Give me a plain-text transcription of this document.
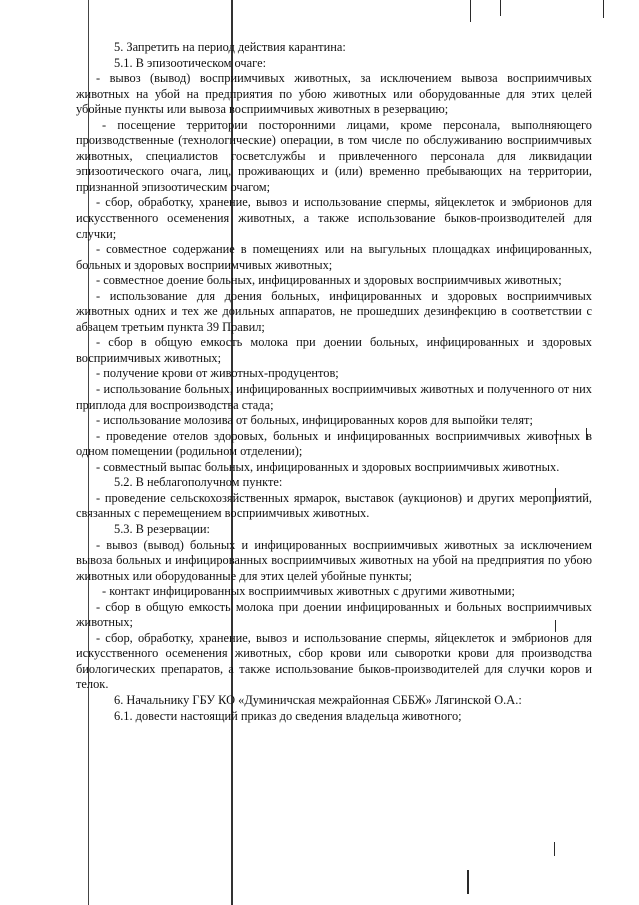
5. Запретить на период действия карантина:

5.1. В эпизоотическом очаге:

- вывоз (вывод) восприимчивых животных, за исключением вывоза восприимчивых животных на убой на предприятия по убою животных или оборудованные для этих целей убойные пункты или вывоза восприимчивых животных в резервацию;

- посещение территории посторонними лицами, кроме персонала, выполняющего производственные (технологические) операции, в том числе по обслуживанию восприимчивых животных, специалистов госветслужбы и привлеченного персонала для ликвидации эпизоотического очага, лиц, проживающих и (или) временно пребывающих на территории, признанной эпизоотическим очагом;

- сбор, обработку, хранение, вывоз и использование спермы, яйцеклеток и эмбрионов для искусственного осеменения животных, а также использование быков-производителей для случки;

- совместное содержание в помещениях или на выгульных площадках инфицированных, больных и здоровых восприимчивых животных;

- совместное доение больных, инфицированных и здоровых восприимчивых животных;

- использование для доения больных, инфицированных и здоровых восприимчивых животных одних и тех же доильных аппаратов, не прошедших дезинфекцию в соответствии с абзацем третьим пункта 39 Правил;

- сбор в общую емкость молока при доении больных, инфицированных и здоровых восприимчивых животных;

- получение крови от животных-продуцентов;

- использование больных, инфицированных восприимчивых животных и полученного от них приплода для воспроизводства стада;

- использование молозива от больных, инфицированных коров для выпойки телят;

- проведение отелов здоровых, больных и инфицированных восприимчивых животных в одном помещении (родильном отделении);

- совместный выпас больных, инфицированных и здоровых восприимчивых животных.

5.2. В неблагополучном пункте:

- проведение сельскохозяйственных ярмарок, выставок (аукционов) и других мероприятий, связанных с перемещением восприимчивых животных.

5.3. В резервации:

- вывоз (вывод) больных и инфицированных восприимчивых животных за исключением вывоза больных и инфицированных восприимчивых животных на убой на предприятия по убою животных или оборудованные для этих целей убойные пункты;

- контакт инфицированных восприимчивых животных с другими животными;

- сбор в общую емкость молока при доении инфицированных и больных восприимчивых животных;

- сбор, обработку, хранение, вывоз и использование спермы, яйцеклеток и эмбрионов для искусственного осеменения животных, сбор крови или сыворотки крови для производства биологических препаратов, а также использование быков-производителей для случки коров и телок.

6. Начальнику ГБУ КО «Думиничская межрайонная СББЖ» Лягинской О.А.:

6.1. довести настоящий приказ до сведения владельца животного;
